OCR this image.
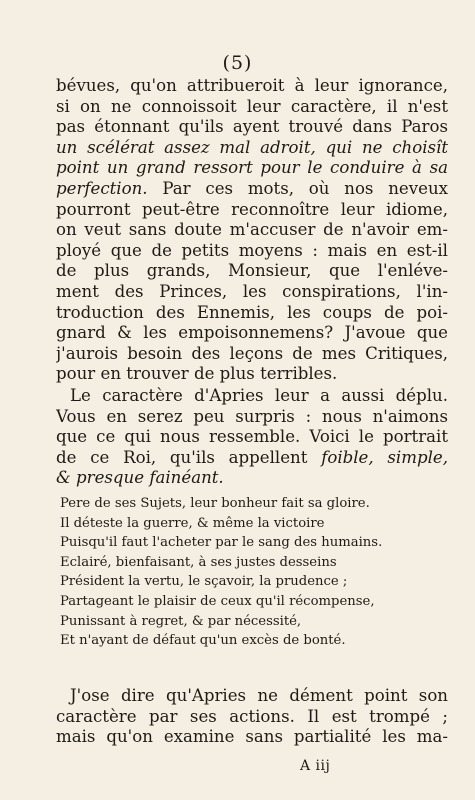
(5)
bévues, qu'on attribueroit à leur ignorance,
si on ne connoissoit leur caractère, il n'est
pas étonnant qu'ils ayent trouvé dans Paros
un scélérat assez mal adroit, qui ne choisît
point un grand ressort pour le conduire à sa
perfection. Par ces mots, où nos neveux
pourront peut-être reconnoître leur idiome,
on veut sans doute m'accuser de n'avoir em-
ployé que de petits moyens : mais en est-il
de plus grands, Monsieur, que l'enléve-
ment des Princes, les conspirations, l'in-
troduction des Ennemis, les coups de poi-
gnard & les empoisonnemens? J'avoue que
j'aurois besoin des leçons de mes Critiques,
pour en trouver de plus terribles.
Le caractère d'Apries leur a aussi déplu.
Vous en serez peu surpris : nous n'aimons
que ce qui nous ressemble. Voici le portrait
de ce Roi, qu'ils appellent foible, simple,
& presque fainéant.
Pere de ses Sujets, leur bonheur fait sa gloire.
Il déteste la guerre, & même la victoire
Puisqu'il faut l'acheter par le sang des humains.
Eclairé, bienfaisant, à ses justes desseins
Président la vertu, le sçavoir, la prudence ;
Partageant le plaisir de ceux qu'il récompense,
Punissant à regret, & par nécessité,
Et n'ayant de défaut qu'un excès de bonté.
J'ose dire qu'Apries ne dément point son
caractère par ses actions. Il est trompé ;
mais qu'on examine sans partialité les ma-
A iij
